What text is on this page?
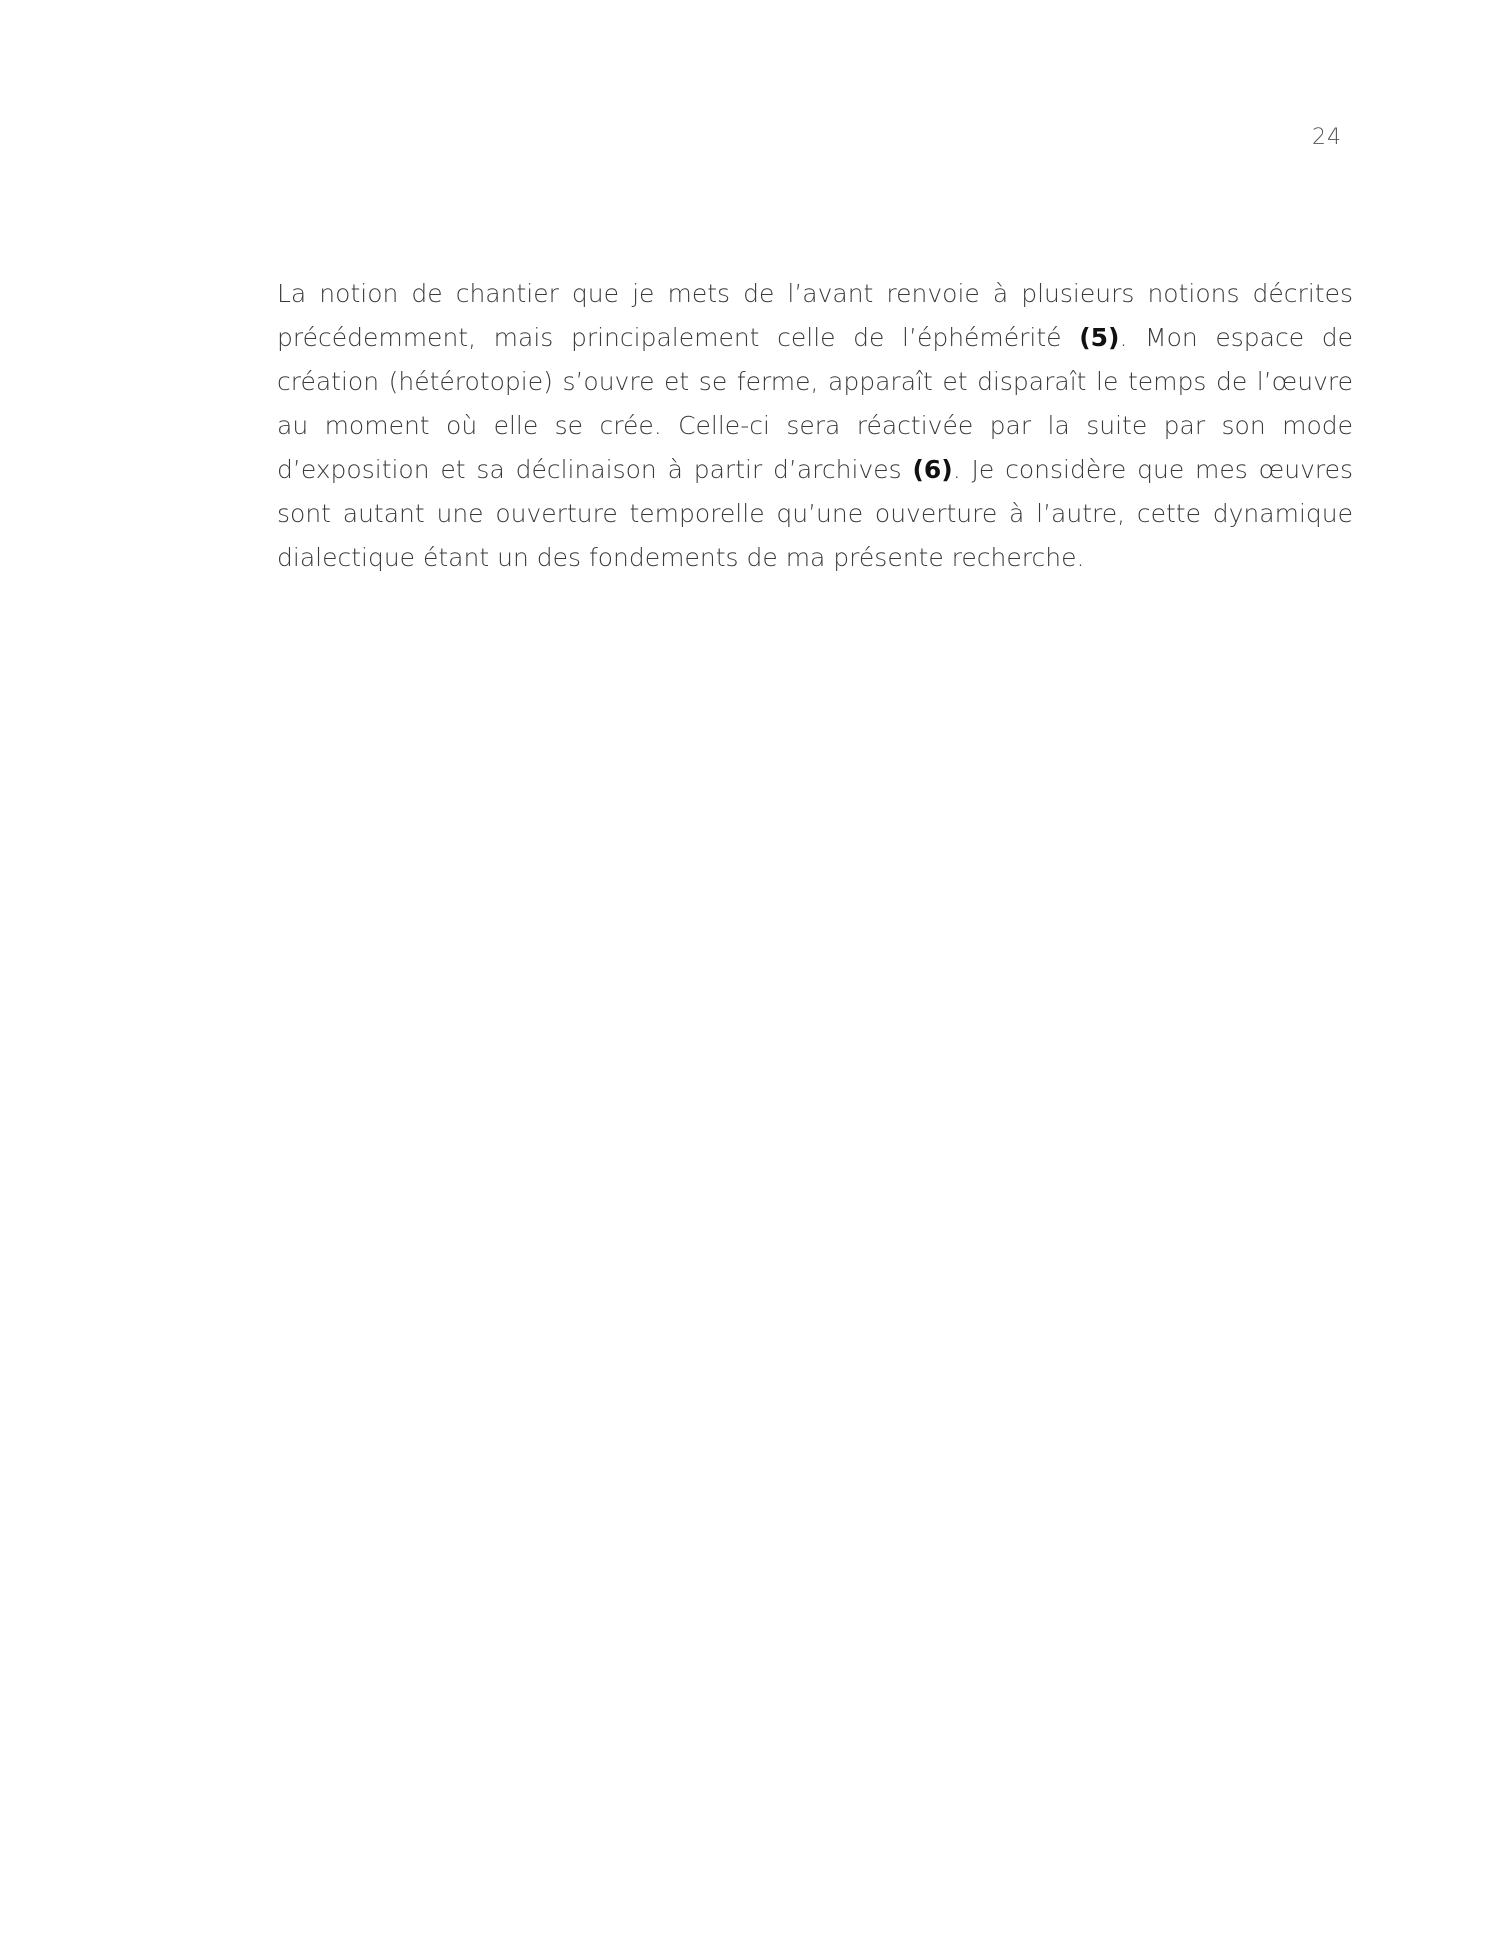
24

La notion de chantier que je mets de l’avant renvoie à plusieurs notions décrites précédemment, mais principalement celle de l’éphémérité (5). Mon espace de création (hétérotopie) s’ouvre et se ferme, apparaît et disparaît le temps de l’œuvre au moment où elle se crée. Celle-ci sera réactivée par la suite par son mode d’exposition et sa déclinaison à partir d’archives (6). Je considère que mes œuvres sont autant une ouverture temporelle qu’une ouverture à l’autre, cette dynamique dialectique étant un des fondements de ma présente recherche.
